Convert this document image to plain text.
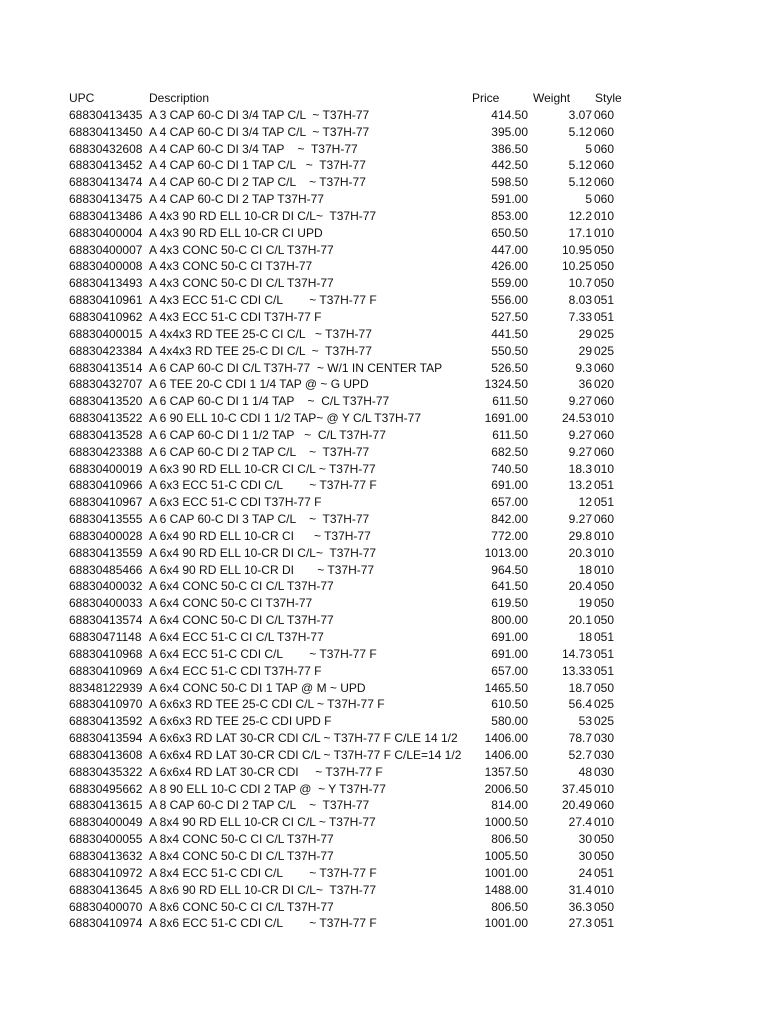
UPC	Description	Price	Weight	Style
68830413435 A 3 CAP 60-C DI 3/4 TAP C/L  ~ T37H-77	414.50	3.07 060
68830413450 A 4 CAP 60-C DI 3/4 TAP C/L  ~ T37H-77	395.00	5.12 060
68830432608 A 4 CAP 60-C DI 3/4 TAP    ~  T37H-77	386.50	5 060
68830413452 A 4 CAP 60-C DI 1 TAP C/L   ~  T37H-77	442.50	5.12 060
68830413474 A 4 CAP 60-C DI 2 TAP C/L    ~ T37H-77	598.50	5.12 060
68830413475 A 4 CAP 60-C DI 2 TAP T37H-77	591.00	5 060
68830413486 A 4x3 90 RD ELL 10-CR DI C/L~  T37H-77	853.00	12.2 010
68830400004 A 4x3 90 RD ELL 10-CR CI UPD	650.50	17.1 010
68830400007 A 4x3 CONC 50-C CI C/L T37H-77	447.00	10.95 050
68830400008 A 4x3 CONC 50-C CI T37H-77	426.00	10.25 050
68830413493 A 4x3 CONC 50-C DI C/L T37H-77	559.00	10.7 050
68830410961 A 4x3 ECC 51-C CDI C/L        ~ T37H-77 F	556.00	8.03 051
68830410962 A 4x3 ECC 51-C CDI T37H-77 F	527.50	7.33 051
68830400015 A 4x4x3 RD TEE 25-C CI C/L   ~ T37H-77	441.50	29 025
68830423384 A 4x4x3 RD TEE 25-C DI C/L  ~  T37H-77	550.50	29 025
68830413514 A 6 CAP 60-C DI C/L T37H-77  ~ W/1 IN CENTER TAP	526.50	9.3 060
68830432707 A 6 TEE 20-C CDI 1 1/4 TAP @ ~ G UPD	1324.50	36 020
68830413520 A 6 CAP 60-C DI 1 1/4 TAP    ~  C/L T37H-77	611.50	9.27 060
68830413522 A 6 90 ELL 10-C CDI 1 1/2 TAP~ @ Y C/L T37H-77	1691.00	24.53 010
68830413528 A 6 CAP 60-C DI 1 1/2 TAP   ~  C/L T37H-77	611.50	9.27 060
68830423388 A 6 CAP 60-C DI 2 TAP C/L    ~  T37H-77	682.50	9.27 060
68830400019 A 6x3 90 RD ELL 10-CR CI C/L ~ T37H-77	740.50	18.3 010
68830410966 A 6x3 ECC 51-C CDI C/L        ~ T37H-77 F	691.00	13.2 051
68830410967 A 6x3 ECC 51-C CDI T37H-77 F	657.00	12 051
68830413555 A 6 CAP 60-C DI 3 TAP C/L    ~  T37H-77	842.00	9.27 060
68830400028 A 6x4 90 RD ELL 10-CR CI      ~ T37H-77	772.00	29.8 010
68830413559 A 6x4 90 RD ELL 10-CR DI C/L~  T37H-77	1013.00	20.3 010
68830485466 A 6x4 90 RD ELL 10-CR DI       ~ T37H-77	964.50	18 010
68830400032 A 6x4 CONC 50-C CI C/L T37H-77	641.50	20.4 050
68830400033 A 6x4 CONC 50-C CI T37H-77	619.50	19 050
68830413574 A 6x4 CONC 50-C DI C/L T37H-77	800.00	20.1 050
68830471148 A 6x4 ECC 51-C CI C/L T37H-77	691.00	18 051
68830410968 A 6x4 ECC 51-C CDI C/L        ~ T37H-77 F	691.00	14.73 051
68830410969 A 6x4 ECC 51-C CDI T37H-77 F	657.00	13.33 051
88348122939 A 6x4 CONC 50-C DI 1 TAP @ M ~ UPD	1465.50	18.7 050
68830410970 A 6x6x3 RD TEE 25-C CDI C/L ~ T37H-77 F	610.50	56.4 025
68830413592 A 6x6x3 RD TEE 25-C CDI UPD F	580.00	53 025
68830413594 A 6x6x3 RD LAT 30-CR CDI C/L ~ T37H-77 F C/LE 14 1/2	1406.00	78.7 030
68830413608 A 6x6x4 RD LAT 30-CR CDI C/L ~ T37H-77 F C/LE=14 1/2	1406.00	52.7 030
68830435322 A 6x6x4 RD LAT 30-CR CDI     ~ T37H-77 F	1357.50	48 030
68830495662 A 8 90 ELL 10-C CDI 2 TAP @  ~ Y T37H-77	2006.50	37.45 010
68830413615 A 8 CAP 60-C DI 2 TAP C/L    ~  T37H-77	814.00	20.49 060
68830400049 A 8x4 90 RD ELL 10-CR CI C/L ~ T37H-77	1000.50	27.4 010
68830400055 A 8x4 CONC 50-C CI C/L T37H-77	806.50	30 050
68830413632 A 8x4 CONC 50-C DI C/L T37H-77	1005.50	30 050
68830410972 A 8x4 ECC 51-C CDI C/L        ~ T37H-77 F	1001.00	24 051
68830413645 A 8x6 90 RD ELL 10-CR DI C/L~  T37H-77	1488.00	31.4 010
68830400070 A 8x6 CONC 50-C CI C/L T37H-77	806.50	36.3 050
68830410974 A 8x6 ECC 51-C CDI C/L        ~ T37H-77 F	1001.00	27.3 051
